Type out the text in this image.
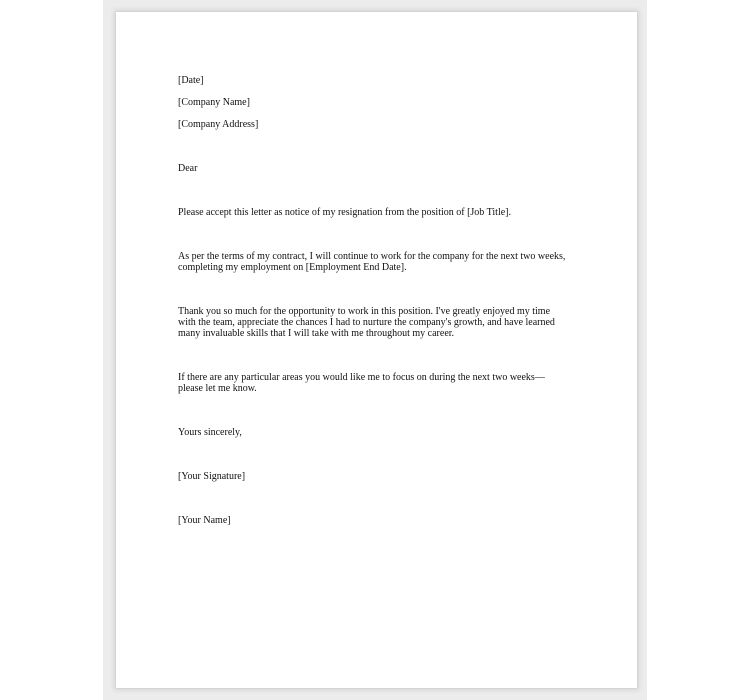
[Date]

[Company Name]

[Company Address]

Dear

Please accept this letter as notice of my resignation from the position of [Job Title].

As per the terms of my contract, I will continue to work for the company for the next two weeks,
completing my employment on [Employment End Date].

Thank you so much for the opportunity to work in this position. I've greatly enjoyed my time
with the team, appreciate the chances I had to nurture the company's growth, and have learned
many invaluable skills that I will take with me throughout my career.

If there are any particular areas you would like me to focus on during the next two weeks—
please let me know.

Yours sincerely,

[Your Signature]

[Your Name]
